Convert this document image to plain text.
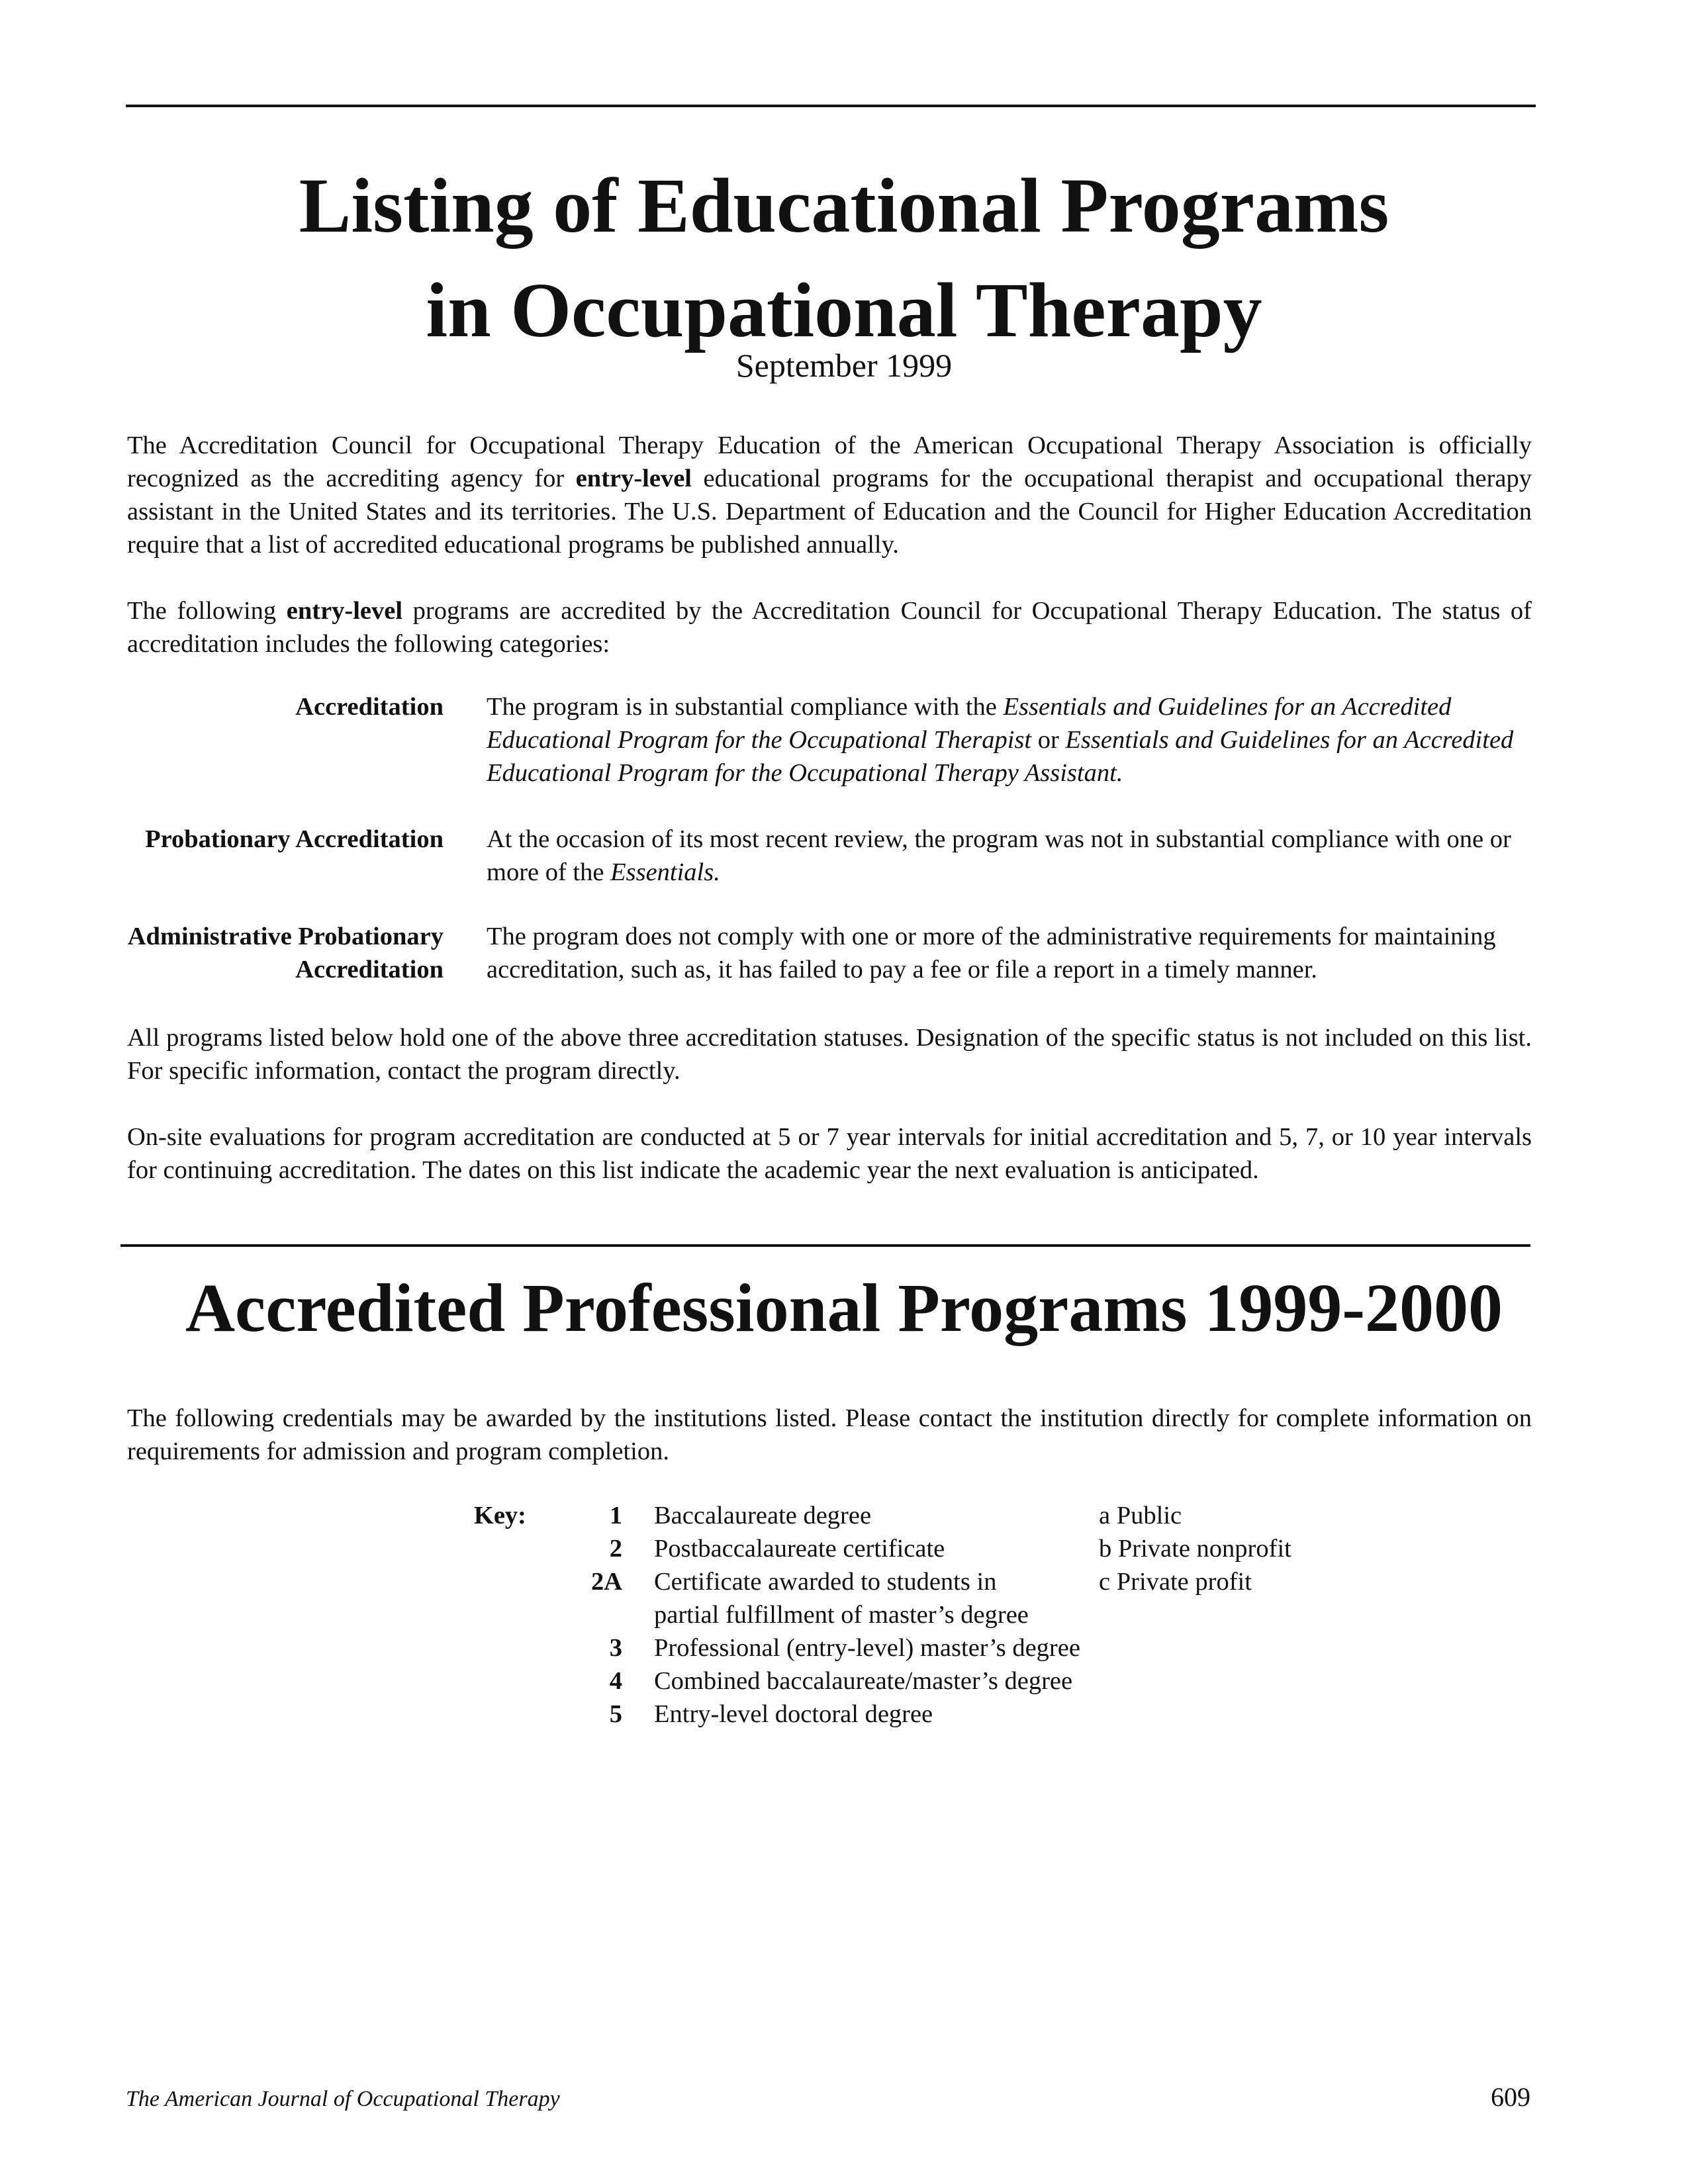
Listing of Educational Programs
in Occupational Therapy
September 1999

The Accreditation Council for Occupational Therapy Education of the American Occupational Therapy Association is officially recognized as the accrediting agency for entry-level educational programs for the occupational therapist and occupational therapy assistant in the United States and its territories. The U.S. Department of Education and the Council for Higher Education Accreditation require that a list of accredited educational programs be published annually.

The following entry-level programs are accredited by the Accreditation Council for Occupational Therapy Education. The status of accreditation includes the following categories:

Accreditation The program is in substantial compliance with the Essentials and Guidelines for an Accredited Educational Program for the Occupational Therapist or Essentials and Guidelines for an Accredited Educational Program for the Occupational Therapy Assistant.
Probationary Accreditation At the occasion of its most recent review, the program was not in substantial compliance with one or more of the Essentials.
Administrative Probationary
Accreditation
The program does not comply with one or more of the administrative requirements for maintaining accreditation, such as, it has failed to pay a fee or file a report in a timely manner.

All programs listed below hold one of the above three accreditation statuses. Designation of the specific status is not included on this list. For specific information, contact the program directly.

On-site evaluations for program accreditation are conducted at 5 or 7 year intervals for initial accreditation and 5, 7, or 10 year intervals for continuing accreditation. The dates on this list indicate the academic year the next evaluation is anticipated.

Accredited Professional Programs 1999-2000

The following credentials may be awarded by the institutions listed. Please contact the institution directly for complete information on requirements for admission and program completion.

Key:	1
2
2A
3
4
5
Baccalaureate degree
Postbaccalaureate certificate
Certificate awarded to students in
partial fulfillment of master’s degree
Professional (entry-level) master’s degree
Combined baccalaureate/master’s degree
Entry-level doctoral degree
a Public
b Private nonprofit
c Private profit
The American Journal of Occupational Therapy	609
